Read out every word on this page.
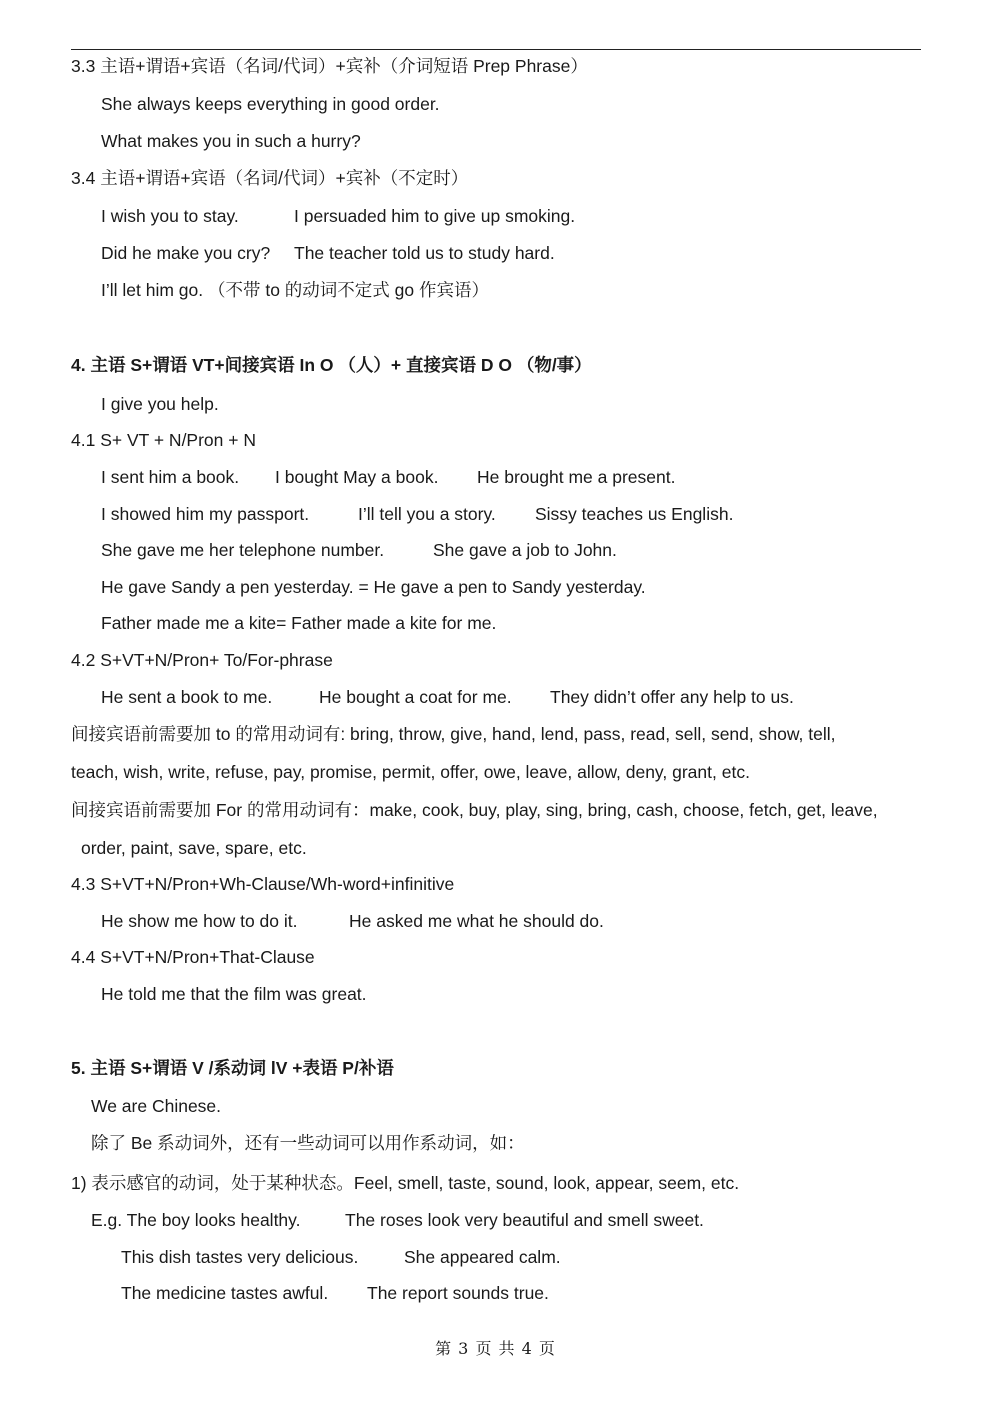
3.3 主语+谓语+宾语（名词/代词）+宾补（介词短语 Prep Phrase）
She always keeps everything in good order.
What makes you in such a hurry?
3.4 主语+谓语+宾语（名词/代词）+宾补（不定时）
I wish you to stay.	I persuaded him to give up smoking.
Did he make you cry? The teacher told us to study hard.
I’ll let him go. （不带 to 的动词不定式 go 作宾语）
4. 主语 S+谓语 VT+间接宾语 In O （人）+ 直接宾语 D O （物/事）
I give you help.
4.1 S+ VT + N/Pron + N
I sent him a book. I bought May a book. He brought me a present.
I showed him my passport.	I’ll tell you a story. Sissy teaches us English.
She gave me her telephone number.	She gave a job to John.
He gave Sandy a pen yesterday. = He gave a pen to Sandy yesterday.
Father made me a kite= Father made a kite for me.
4.2 S+VT+N/Pron+ To/For-phrase
He sent a book to me.	He bought a coat for me. They didn’t offer any help to us.
间接宾语前需要加 to 的常用动词有: bring, throw, give, hand, lend, pass, read, sell, send, show, tell,
teach, wish, write, refuse, pay, promise, permit, offer, owe, leave, allow, deny, grant, etc.
间接宾语前需要加 For 的常用动词有：make, cook, buy, play, sing, bring, cash, choose, fetch, get, leave,
order, paint, save, spare, etc.
4.3 S+VT+N/Pron+Wh-Clause/Wh-word+infinitive
He show me how to do it.	He asked me what he should do.
4.4 S+VT+N/Pron+That-Clause
He told me that the film was great.
5. 主语 S+谓语 V /系动词 lV +表语 P/补语
We are Chinese.
除了 Be 系动词外，还有一些动词可以用作系动词，如：
1) 表示感官的动词，处于某种状态。Feel, smell, taste, sound, look, appear, seem, etc.
E.g. The boy looks healthy.	The roses look very beautiful and smell sweet.
This dish tastes very delicious.	She appeared calm.
The medicine tastes awful. The report sounds true.
第 3 页 共 4 页
